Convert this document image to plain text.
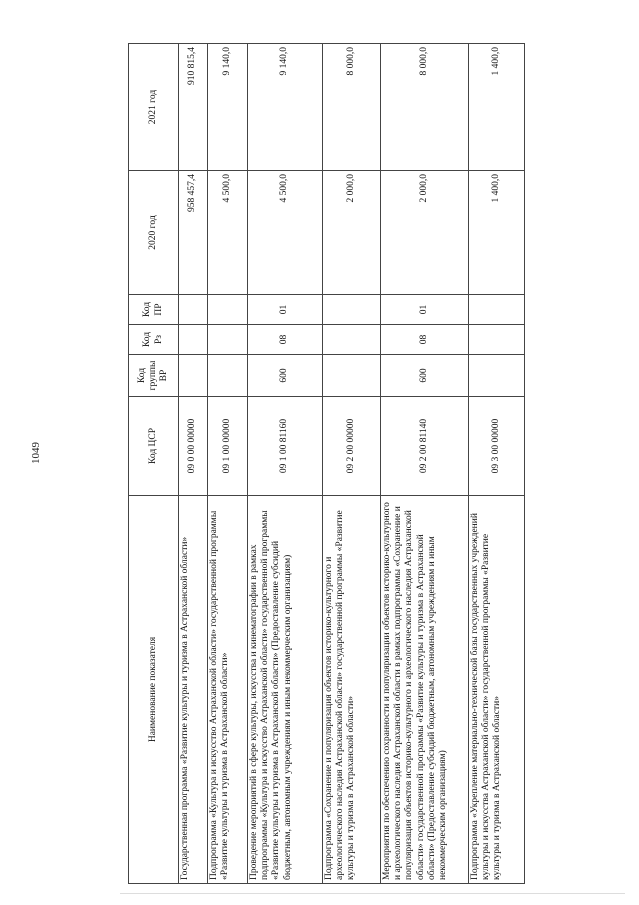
1049
Наименование показателя	Код ЦСР	Код группы ВР	Код Рз	Код ПР	2020 год	2021 год
Государственная программа «Развитие культуры и туризма в Астраханской области»	09 0 00 00000				958 457,4	910 815,4
Подпрограмма «Культура и искусство Астраханской области» государственной программы «Развитие культуры и туризма в Астраханской области»	09 1 00 00000				4 500,0	9 140,0
Проведение мероприятий в сфере культуры, искусства и кинематографии в рамках подпрограммы «Культура и искусство Астраханской области» государственной программы «Развитие культуры и туризма в Астраханской области» (Предоставление субсидий бюджетным, автономным учреждениям и иным некоммерческим организациям)	09 1 00 81160	600	08	01	4 500,0	9 140,0
Подпрограмма «Сохранение и популяризация объектов историко-культурного и археологического наследия Астраханской области» государственной программы «Развитие культуры и туризма в Астраханской области»	09 2 00 00000				2 000,0	8 000,0
Мероприятия по обеспечению сохранности и популяризации объектов историко-культурного и археологического наследия Астраханской области в рамках подпрограммы «Сохранение и популяризация объектов историко-культурного и археологического наследия Астраханской области» государственной программы «Развитие культуры и туризма в Астраханской области» (Предоставление субсидий бюджетным, автономным учреждениям и иным некоммерческим организациям)	09 2 00 81140	600	08	01	2 000,0	8 000,0
Подпрограмма «Укрепление материально-технической базы государственных учреждений культуры и искусства Астраханской области» государственной программы «Развитие культуры и туризма в Астраханской области»	09 3 00 00000				1 400,0	1 400,0
